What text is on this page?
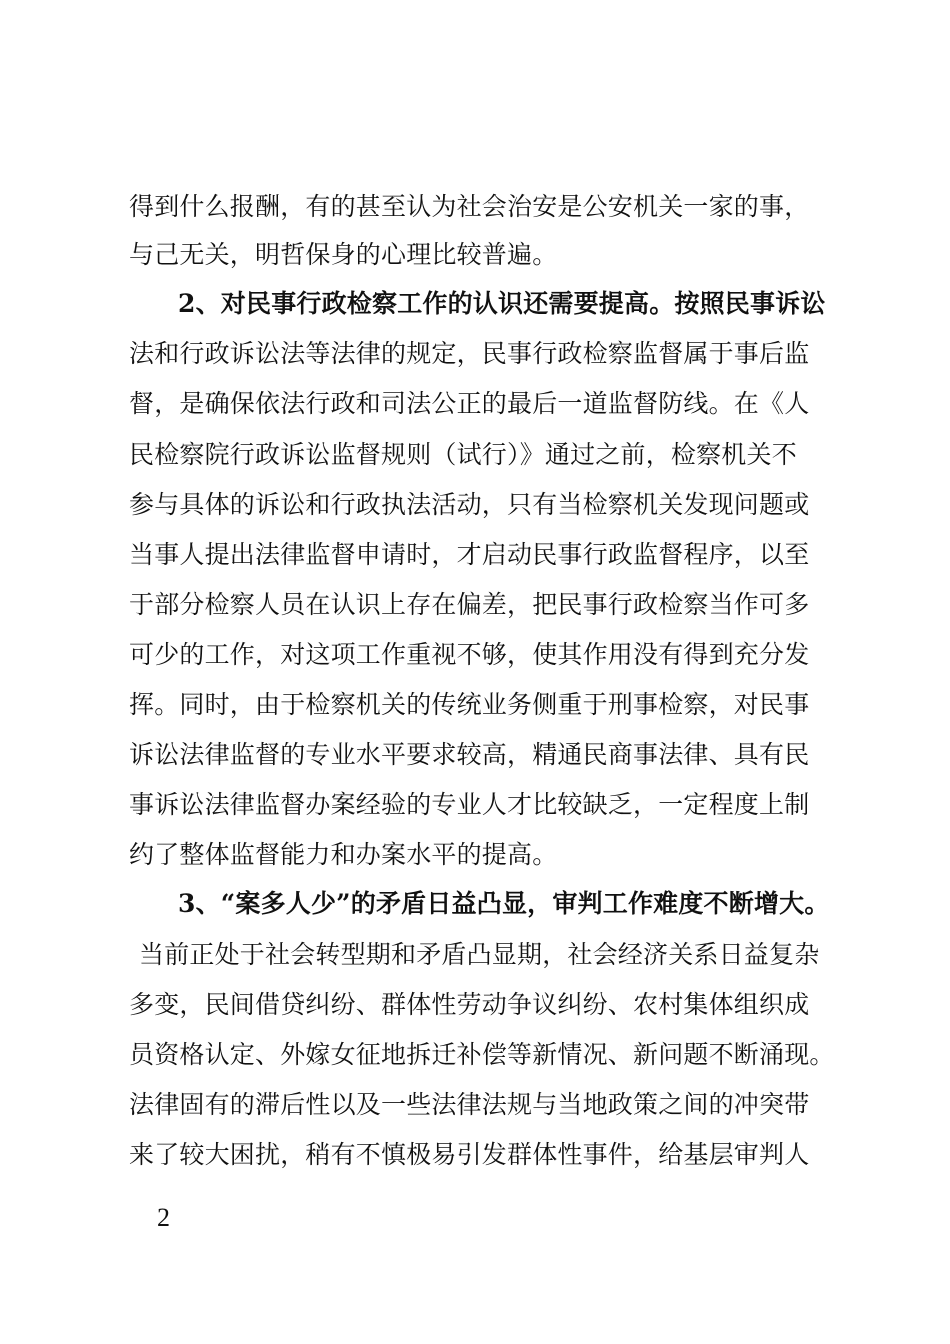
得到什么报酬，有的甚至认为社会治安是公安机关一家的事，
与己无关，明哲保身的心理比较普遍。
2、对民事行政检察工作的认识还需要提高。按照民事诉讼
法和行政诉讼法等法律的规定，民事行政检察监督属于事后监
督，是确保依法行政和司法公正的最后一道监督防线。在《人
民检察院行政诉讼监督规则（试行）》通过之前，检察机关不
参与具体的诉讼和行政执法活动，只有当检察机关发现问题或
当事人提出法律监督申请时，才启动民事行政监督程序，以至
于部分检察人员在认识上存在偏差，把民事行政检察当作可多
可少的工作，对这项工作重视不够，使其作用没有得到充分发
挥。同时，由于检察机关的传统业务侧重于刑事检察，对民事
诉讼法律监督的专业水平要求较高，精通民商事法律、具有民
事诉讼法律监督办案经验的专业人才比较缺乏，一定程度上制
约了整体监督能力和办案水平的提高。
3、“案多人少”的矛盾日益凸显，审判工作难度不断增大。
当前正处于社会转型期和矛盾凸显期，社会经济关系日益复杂
多变，民间借贷纠纷、群体性劳动争议纠纷、农村集体组织成
员资格认定、外嫁女征地拆迁补偿等新情况、新问题不断涌现。
法律固有的滞后性以及一些法律法规与当地政策之间的冲突带
来了较大困扰，稍有不慎极易引发群体性事件，给基层审判人
2
